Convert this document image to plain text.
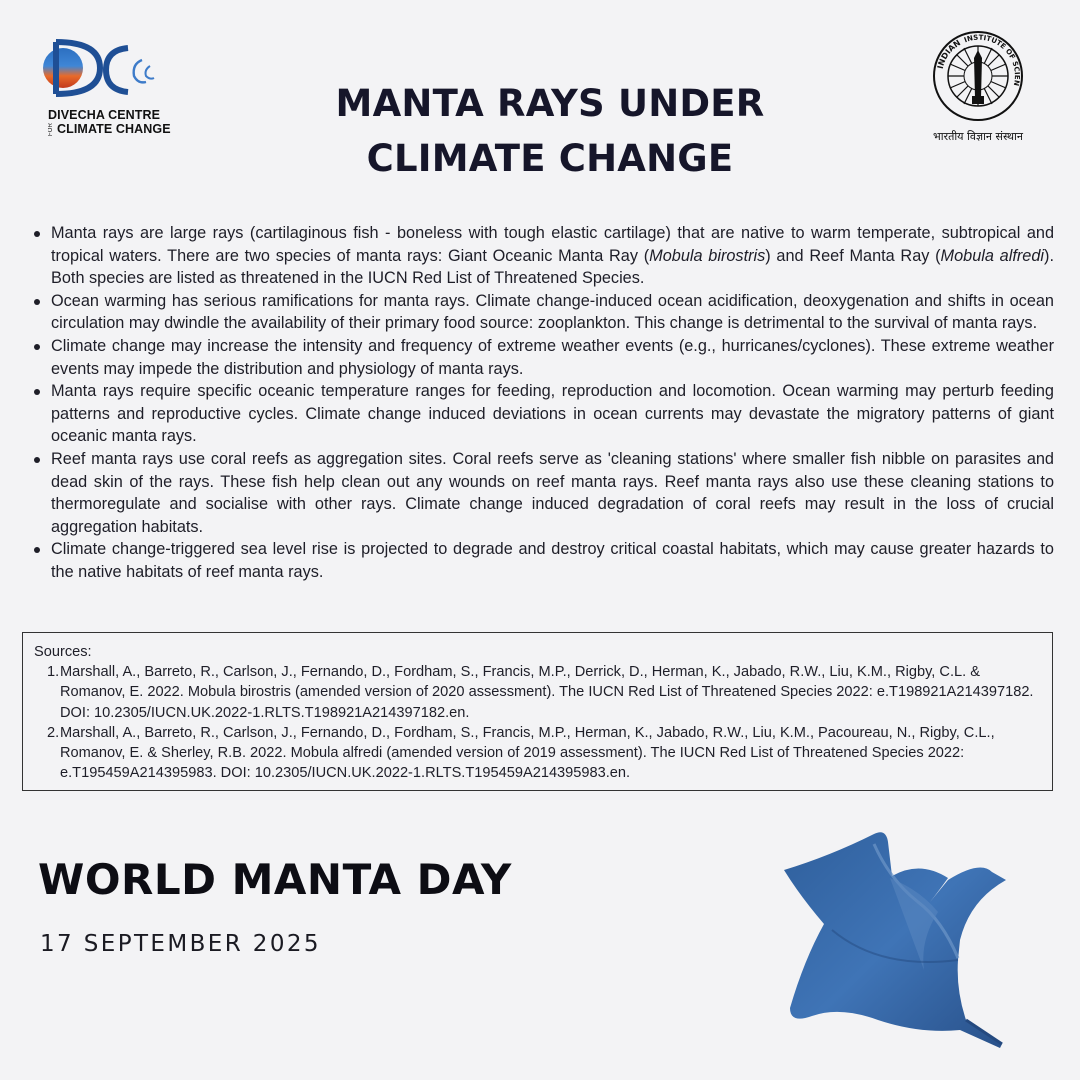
DIVECHA CENTRE
FOR CLIMATE CHANGE
MANTA RAYS UNDER
CLIMATE CHANGE
INDIAN INSTITUTE OF SCIEN
भारतीय विज्ञान संस्थान
Manta rays are large rays (cartilaginous fish - boneless with tough elastic cartilage) that are native to warm temperate, subtropical and tropical waters. There are two species of manta rays: Giant Oceanic Manta Ray (Mobula birostris) and Reef Manta Ray (Mobula alfredi). Both species are listed as threatened in the IUCN Red List of Threatened Species.
Ocean warming has serious ramifications for manta rays. Climate change-induced ocean acidification, deoxygenation and shifts in ocean circulation may dwindle the availability of their primary food source: zooplankton. This change is detrimental to the survival of manta rays.
Climate change may increase the intensity and frequency of extreme weather events (e.g., hurricanes/cyclones). These extreme weather events may impede the distribution and physiology of manta rays.
Manta rays require specific oceanic temperature ranges for feeding, reproduction and locomotion. Ocean warming may perturb feeding patterns and reproductive cycles. Climate change induced deviations in ocean currents may devastate the migratory patterns of giant oceanic manta rays.
Reef manta rays use coral reefs as aggregation sites. Coral reefs serve as 'cleaning stations' where smaller fish nibble on parasites and dead skin of the rays. These fish help clean out any wounds on reef manta rays. Reef manta rays also use these cleaning stations to thermoregulate and socialise with other rays. Climate change induced degradation of coral reefs may result in the loss of crucial aggregation habitats.
Climate change-triggered sea level rise is projected to degrade and destroy critical coastal habitats, which may cause greater hazards to the native habitats of reef manta rays.
Sources:
1. Marshall, A., Barreto, R., Carlson, J., Fernando, D., Fordham, S., Francis, M.P., Derrick, D., Herman, K., Jabado, R.W., Liu, K.M., Rigby, C.L. & Romanov, E. 2022. Mobula birostris (amended version of 2020 assessment). The IUCN Red List of Threatened Species 2022: e.T198921A214397182. DOI: 10.2305/IUCN.UK.2022-1.RLTS.T198921A214397182.en.
2. Marshall, A., Barreto, R., Carlson, J., Fernando, D., Fordham, S., Francis, M.P., Herman, K., Jabado, R.W., Liu, K.M., Pacoureau, N., Rigby, C.L., Romanov, E. & Sherley, R.B. 2022. Mobula alfredi (amended version of 2019 assessment). The IUCN Red List of Threatened Species 2022: e.T195459A214395983. DOI: 10.2305/IUCN.UK.2022-1.RLTS.T195459A214395983.en.
WORLD MANTA DAY
17 SEPTEMBER 2025
